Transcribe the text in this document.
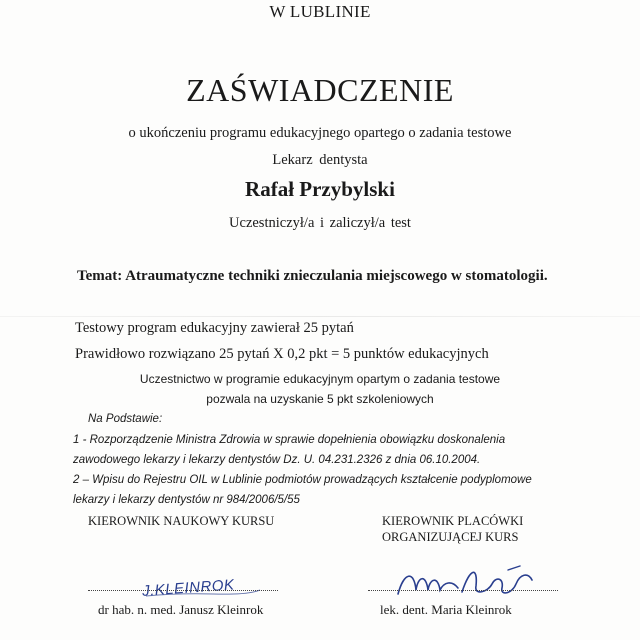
W LUBLINIE
ZAŚWIADCZENIE
o ukończeniu programu edukacyjnego opartego o zadania testowe
Lekarz dentysta
Rafał Przybylski
Uczestniczył/a i zaliczył/a test
Temat: Atraumatyczne techniki znieczulania miejscowego w stomatologii.
Testowy program edukacyjny zawierał 25 pytań
Prawidłowo rozwiązano 25 pytań X 0,2 pkt = 5 punktów edukacyjnych
Uczestnictwo w programie edukacyjnym opartym o zadania testowe
pozwala na uzyskanie 5 pkt szkoleniowych
Na Podstawie:
1 - Rozporządzenie Ministra Zdrowia w sprawie dopełnienia obowiązku doskonalenia
zawodowego lekarzy i lekarzy dentystów Dz. U. 04.231.2326 z dnia 06.10.2004.
2 – Wpisu do Rejestru OIL w Lublinie podmiotów prowadzących kształcenie podyplomowe
lekarzy i lekarzy dentystów nr 984/2006/5/55
KIEROWNIK NAUKOWY KURSU	KIEROWNIK PLACÓWKI
ORGANIZUJĄCEJ KURS
J.KLEINROK
dr hab. n. med. Janusz Kleinrok	lek. dent. Maria Kleinrok
